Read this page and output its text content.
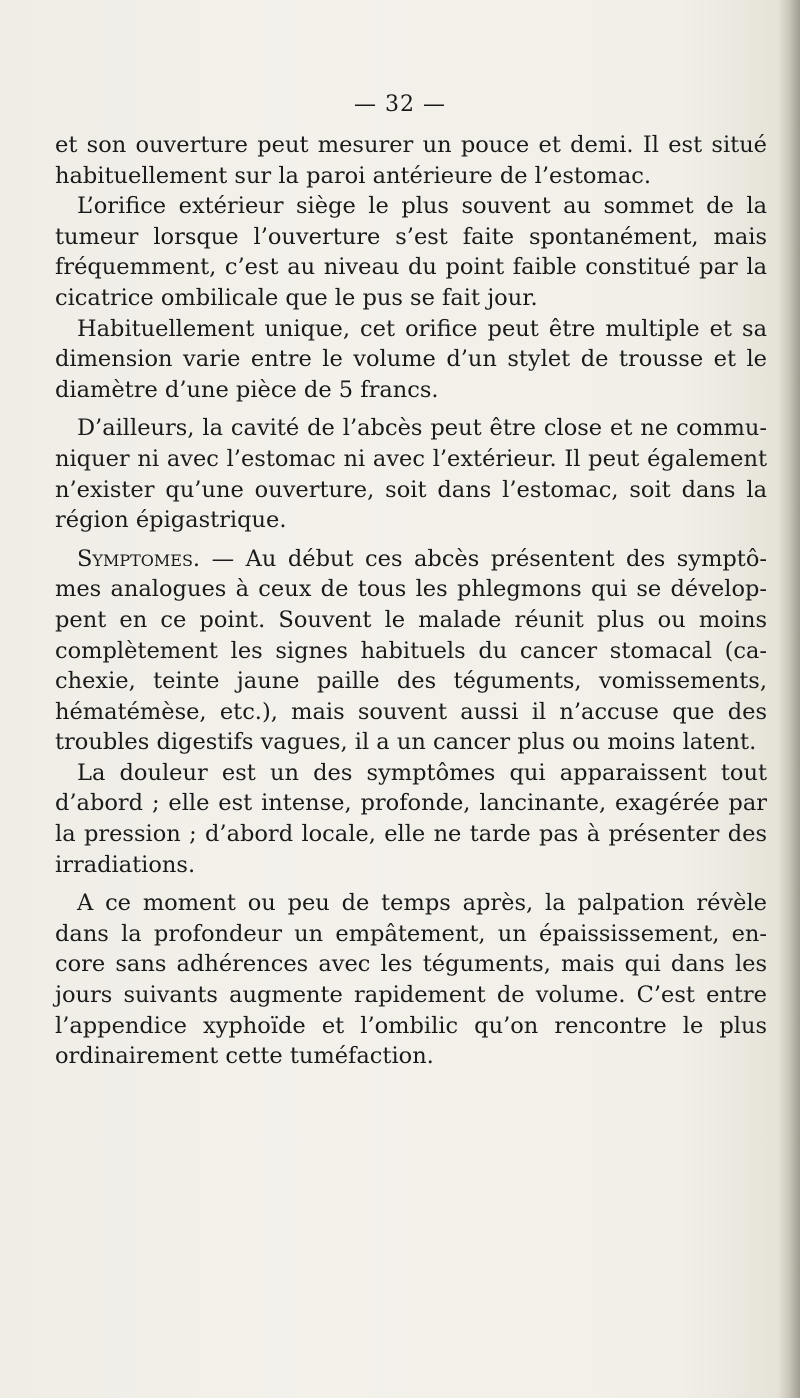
— 32 —
et son ouverture peut mesurer un pouce et demi. Il est situé
habituellement sur la paroi antérieure de l’estomac.
L’orifice extérieur siège le plus souvent au sommet de la
tumeur lorsque l’ouverture s’est faite spontanément, mais
fréquemment, c’est au niveau du point faible constitué par la
cicatrice ombilicale que le pus se fait jour.
Habituellement unique, cet orifice peut être multiple et sa
dimension varie entre le volume d’un stylet de trousse et le
diamètre d’une pièce de 5 francs.
D’ailleurs, la cavité de l’abcès peut être close et ne commu-
niquer ni avec l’estomac ni avec l’extérieur. Il peut également
n’exister qu’une ouverture, soit dans l’estomac, soit dans la
région épigastrique.
Symptomes. — Au début ces abcès présentent des symptô-
mes analogues à ceux de tous les phlegmons qui se dévelop-
pent en ce point. Souvent le malade réunit plus ou moins
complètement les signes habituels du cancer stomacal (ca-
chexie, teinte jaune paille des téguments, vomissements,
hématémèse, etc.), mais souvent aussi il n’accuse que des
troubles digestifs vagues, il a un cancer plus ou moins latent.
La douleur est un des symptômes qui apparaissent tout
d’abord ; elle est intense, profonde, lancinante, exagérée par
la pression ; d’abord locale, elle ne tarde pas à présenter des
irradiations.
A ce moment ou peu de temps après, la palpation révèle
dans la profondeur un empâtement, un épaississement, en-
core sans adhérences avec les téguments, mais qui dans les
jours suivants augmente rapidement de volume. C’est entre
l’appendice xyphoïde et l’ombilic qu’on rencontre le plus
ordinairement cette tuméfaction.
